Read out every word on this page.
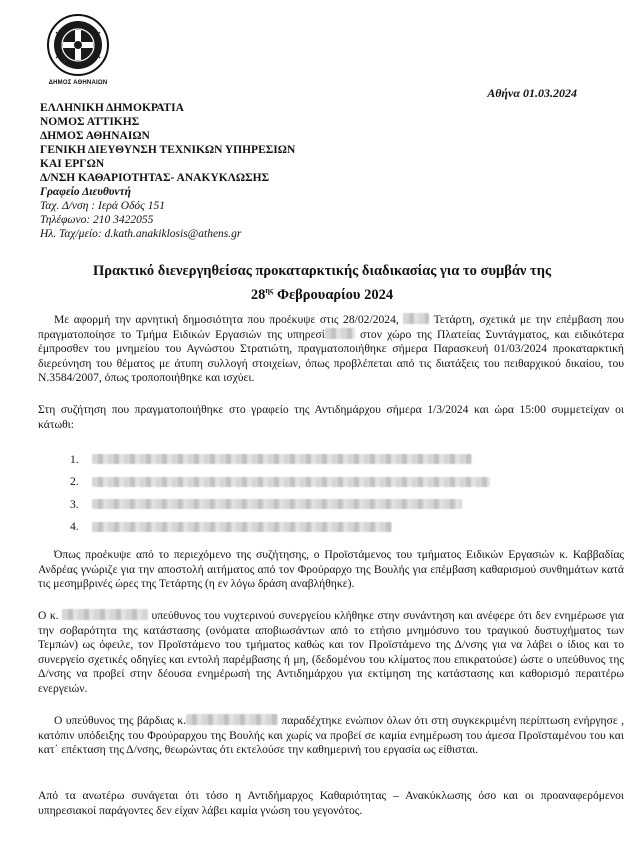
ΔΗΜΟΣ ΑΘΗΝΑΙΩΝ
Αθήνα 01.03.2024
ΕΛΛΗΝΙΚΗ ΔΗΜΟΚΡΑΤΙΑ
ΝΟΜΟΣ ΑΤΤΙΚΗΣ
ΔΗΜΟΣ ΑΘΗΝΑΙΩΝ
ΓΕΝΙΚΗ ΔΙΕΥΘΥΝΣΗ ΤΕΧΝΙΚΩΝ ΥΠΗΡΕΣΙΩΝ
ΚΑΙ ΕΡΓΩΝ
Δ/ΝΣΗ ΚΑΘΑΡΙΟΤΗΤΑΣ- ΑΝΑΚΥΚΛΩΣΗΣ
Γραφείο Διευθυντή
Ταχ. Δ/νση : Ιερά Οδός 151
Τηλέφωνο: 210 3422055
Ηλ. Ταχ/μείο: d.kath.anakiklosis@athens.gr
Πρακτικό διενεργηθείσας προκαταρκτικής διαδικασίας για το συμβάν της
$28^{\eta\varsigma}$ Φεβρουαρίου 2024
Με αφορμή την αρνητική δημοσιότητα που προέκυψε στις 28/02/2024,  Τετάρτη, σχετικά με την επέμβαση που πραγματοποίησε το Τμήμα Ειδικών Εργασιών της υπηρεσί	στον χώρο της Πλατείας Συντάγματος, και ειδικότερα έμπροσθεν του μνημείου του Αγνώστου Στρατιώτη, πραγματοποιήθηκε σήμερα Παρασκευή 01/03/2024 προκαταρκτική διερεύνηση του θέματος με άτυπη συλλογή στοιχείων, όπως προβλέπεται από τις διατάξεις του πειθαρχικού δικαίου, του Ν.3584/2007, όπως τροποποιήθηκε και ισχύει.
Στη συζήτηση που πραγματοποιήθηκε στο γραφείο της Αντιδημάρχου σήμερα 1/3/2024 και ώρα 15:00 συμμετείχαν οι κάτωθι:
1.
2.
3.
4.
Όπως προέκυψε από το περιεχόμενο της συζήτησης, ο Προϊστάμενος του τμήματος Ειδικών Εργασιών κ. Καββαδίας Ανδρέας γνώριζε για την αποστολή αιτήματος από τον Φρούραρχο της Βουλής για επέμβαση καθαρισμού συνθημάτων κατά τις μεσημβρινές ώρες της Τετάρτης (η εν λόγω δράση αναβλήθηκε).
Ο κ.	υπεύθυνος του νυχτερινού συνεργείου κλήθηκε στην συνάντηση και ανέφερε ότι δεν ενημέρωσε για την σοβαρότητα της κατάστασης (ονόματα αποβιωσάντων από το ετήσιο μνημόσυνο του τραγικού δυστυχήματος των Τεμπών) ως όφειλε, τον Προϊστάμενο του τμήματος καθώς και τον Προϊστάμενο της Δ/νσης για να λάβει ο ίδιος και το συνεργείο σχετικές οδηγίες και εντολή παρέμβασης ή μη, (δεδομένου του κλίματος που επικρατούσε) ώστε ο υπεύθυνος της Δ/νσης να προβεί στην δέουσα ενημέρωσή της Αντιδημάρχου για εκτίμηση της κατάστασης και καθορισμό περαιτέρω ενεργειών.
Ο υπεύθυνος της βάρδιας κ.	παραδέχτηκε ενώπιον όλων ότι στη συγκεκριμένη περίπτωση ενήργησε , κατόπιν υπόδειξης του Φρούραρχου της Βουλής και χωρίς να προβεί σε καμία ενημέρωση του άμεσα Προϊσταμένου του και κατ΄ επέκταση της Δ/νσης, θεωρώντας ότι εκτελούσε την καθημερινή του εργασία ως είθισται.
Από τα ανωτέρω συνάγεται ότι τόσο η Αντιδήμαρχος Καθαριότητας – Ανακύκλωσης όσο και οι προαναφερόμενοι υπηρεσιακοί παράγοντες δεν είχαν λάβει καμία γνώση του γεγονότος.
